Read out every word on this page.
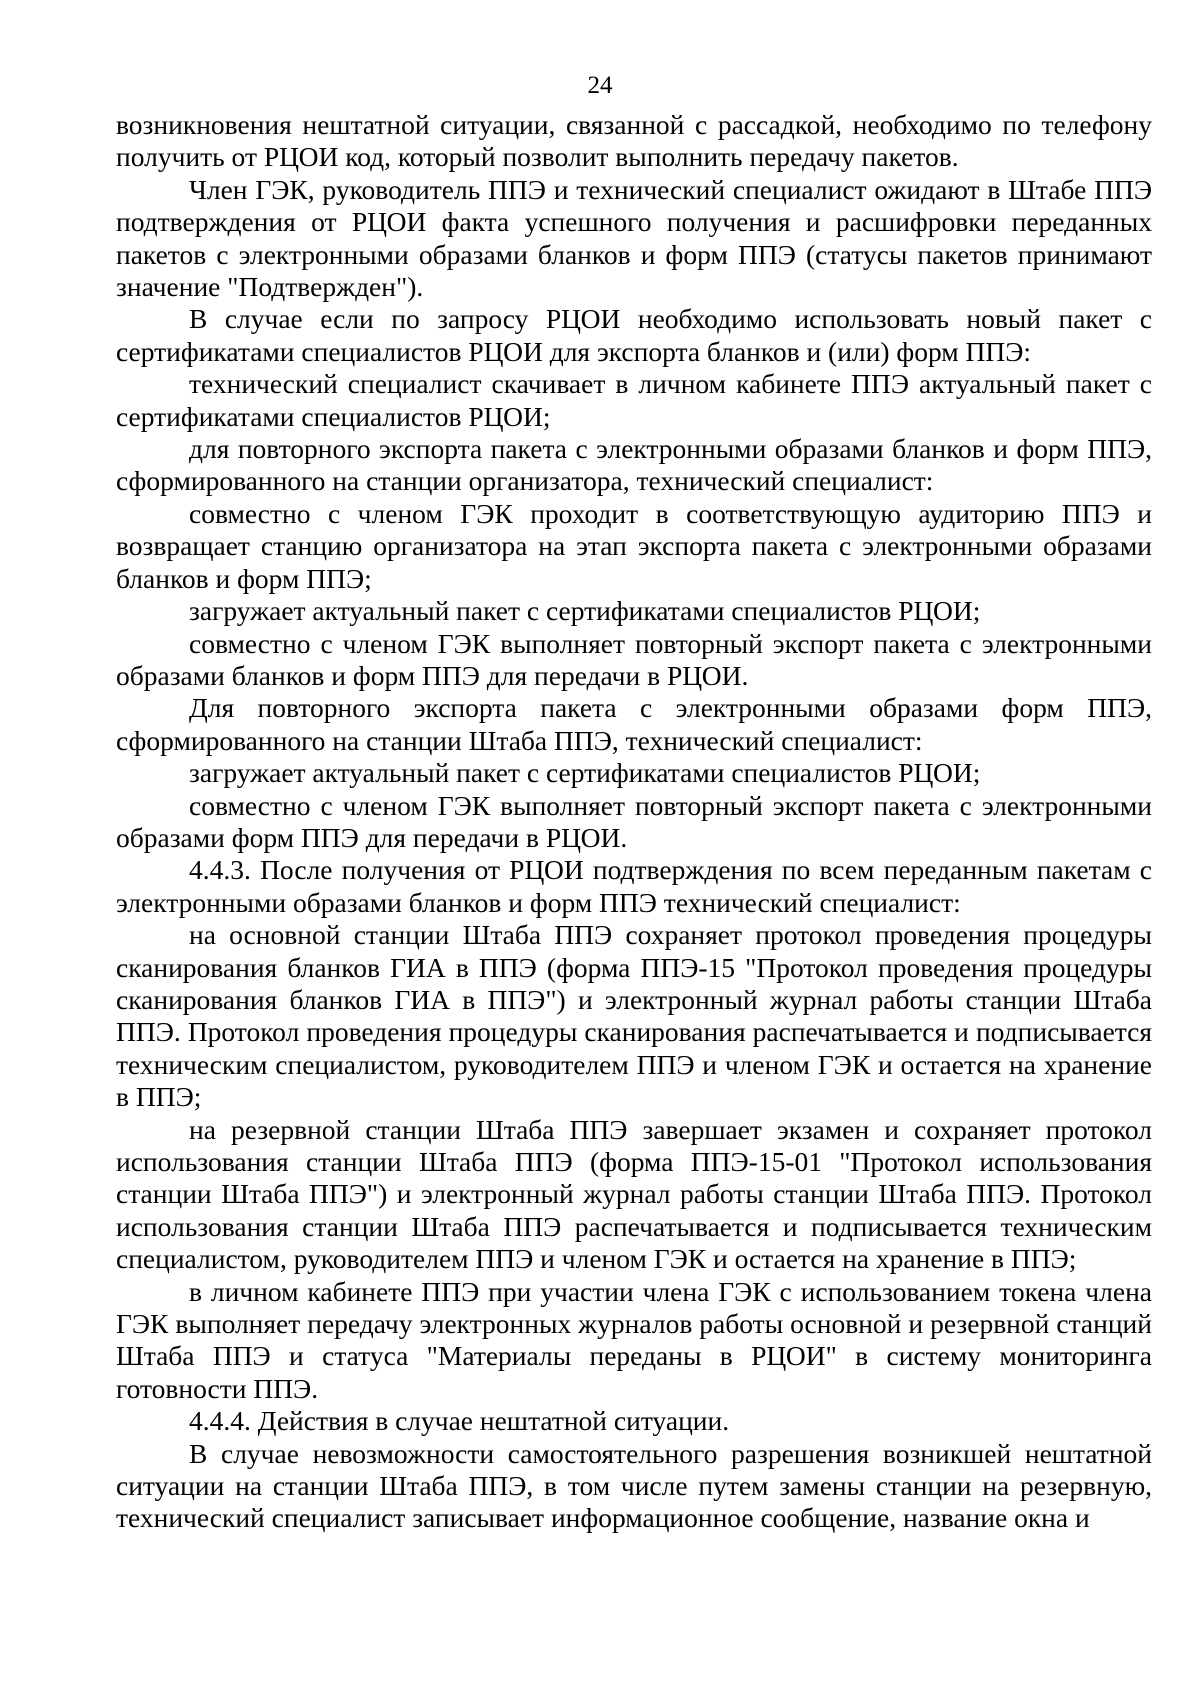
24

возникновения нештатной ситуации, связанной с рассадкой, необходимо по телефону получить от РЦОИ код, который позволит выполнить передачу пакетов.

Член ГЭК, руководитель ППЭ и технический специалист ожидают в Штабе ППЭ подтверждения от РЦОИ факта успешного получения и расшифровки переданных пакетов с электронными образами бланков и форм ППЭ (статусы пакетов принимают значение "Подтвержден").

В случае если по запросу РЦОИ необходимо использовать новый пакет с сертификатами специалистов РЦОИ для экспорта бланков и (или) форм ППЭ:

технический специалист скачивает в личном кабинете ППЭ актуальный пакет с сертификатами специалистов РЦОИ;

для повторного экспорта пакета с электронными образами бланков и форм ППЭ, сформированного на станции организатора, технический специалист:

совместно с членом ГЭК проходит в соответствующую аудиторию ППЭ и возвращает станцию организатора на этап экспорта пакета с электронными образами бланков и форм ППЭ;

загружает актуальный пакет с сертификатами специалистов РЦОИ;

совместно с членом ГЭК выполняет повторный экспорт пакета с электронными образами бланков и форм ППЭ для передачи в РЦОИ.

Для повторного экспорта пакета с электронными образами форм ППЭ, сформированного на станции Штаба ППЭ, технический специалист:

загружает актуальный пакет с сертификатами специалистов РЦОИ;

совместно с членом ГЭК выполняет повторный экспорт пакета с электронными образами форм ППЭ для передачи в РЦОИ.

4.4.3. После получения от РЦОИ подтверждения по всем переданным пакетам с электронными образами бланков и форм ППЭ технический специалист:

на основной станции Штаба ППЭ сохраняет протокол проведения процедуры сканирования бланков ГИА в ППЭ (форма ППЭ-15 "Протокол проведения процедуры сканирования бланков ГИА в ППЭ") и электронный журнал работы станции Штаба ППЭ. Протокол проведения процедуры сканирования распечатывается и подписывается техническим специалистом, руководителем ППЭ и членом ГЭК и остается на хранение в ППЭ;

на резервной станции Штаба ППЭ завершает экзамен и сохраняет протокол использования станции Штаба ППЭ (форма ППЭ-15-01 "Протокол использования станции Штаба ППЭ") и электронный журнал работы станции Штаба ППЭ. Протокол использования станции Штаба ППЭ распечатывается и подписывается техническим специалистом, руководителем ППЭ и членом ГЭК и остается на хранение в ППЭ;

в личном кабинете ППЭ при участии члена ГЭК с использованием токена члена ГЭК выполняет передачу электронных журналов работы основной и резервной станций Штаба ППЭ и статуса "Материалы переданы в РЦОИ" в систему мониторинга готовности ППЭ.

4.4.4. Действия в случае нештатной ситуации.

В случае невозможности самостоятельного разрешения возникшей нештатной ситуации на станции Штаба ППЭ, в том числе путем замены станции на резервную, технический специалист записывает информационное сообщение, название окна и
